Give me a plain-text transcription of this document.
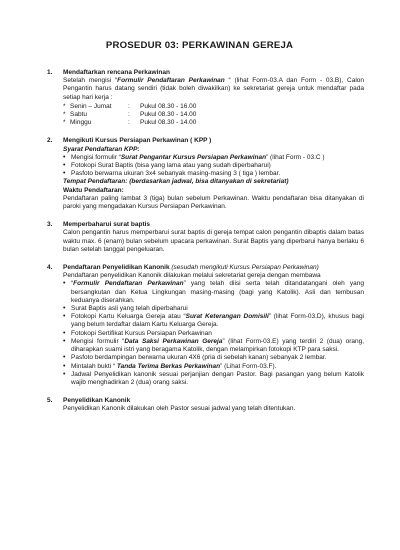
PROSEDUR 03: PERKAWINAN GEREJA
1. Mendaftarkan rencana Perkawinan
Setelah mengisi “Formulir Pendaftaran Perkawinan “ (lihat Form-03.A dan Form - 03.B), Calon Pengantin harus datang sendiri (tidak boleh diwakilkan) ke sekretariat gereja untuk mendaftar pada setiap hari kerja :
* Senin – Jumat	:	Pukul 08.30 - 16.00
* Sabtu	:	Pukul 08.30 - 14.00
* Minggu	:	Pukul 08.30 - 14.00
2. Mengikuti Kursus Persiapan Perkawinan ( KPP )
Syarat Pendaftaran KPP:
• Mengisi formulir “Surat Pengantar Kursus Persiapan Perkawinan” (lihat Form - 03.C )
• Fotokopi Surat Baptis (bisa yang lama atau yang sudah diperbaharui)
• Pasfoto berwarna ukuran 3x4 sebanyak masing-masing 3 ( tiga ) lembar.
Tempat Pendaftaran: (berdasarkan jadwal, bisa ditanyakan di sekretariat)
Waktu Pendaftaran:
Pendaftaran paling lambat 3 (tiga) bulan sebelum Perkawinan. Waktu pendaftaran bisa ditanyakan di paroki yang mengadakan Kursus Persiapan Perkawinan.
3. Memperbaharui surat baptis
Calon pengantin harus memperbarui surat baptis di gereja tempat calon pengantin dibaptis dalam batas waktu max. 6 (enam) bulan sebelum upacara perkawinan. Surat Baptis yang diperbarui hanya berlaku 6 bulan setelah tanggal pengeluaran.
4. Pendaftaran Penyelidikan Kanonik (sesudah mengikuti Kursus Persiapan Perkawinan)
Pendaftaran penyelidikan Kanonik dilakukan melalui sekretariat gereja dengan membawa
• “Formulir Pendaftaran Perkawinan” yang telah diisi serta telah ditandatangani oleh yang bersangkutan dan Ketua Lingkungan masing-masing (bagi yang Katolik). Asli dan tembusan keduanya diserahkan.
• Surat Baptis asli yang telah diperbaharui
• Fotokopi Kartu Keluarga Gereja atau “Surat Keterangan Domisili” (lihat Form-03.D), khusus bagi yang belum terdaftar dalam Kartu Keluarga Gereja.
• Fotokopi Sertifikat Kursus Persiapan Perkawinan
• Mengisi formulir “Data Saksi Perkawinan Gereja” (lihat Form-03.E) yang terdiri 2 (dua) orang, diharapkan suami istri yang beragama Katolik, dengan melampirkan fotokopi KTP para saksi.
• Pasfoto berdampingan berwarna ukuran 4X6 (pria di sebelah kanan) sebanyak 2 lembar.
• Mintalah bukti “ Tanda Terima Berkas Perkawinan” (Lihat Form-03.F).
• Jadwal Penyelidikan kanonik sesuai perjanjian dengan Pastor. Bagi pasangan yang belum Katolik wajib menghadirkan 2 (dua) orang saksi.
5. Penyelidikan Kanonik
Penyelidikan Kanonik dilakukan oleh Pastor sesuai jadwal yang telah ditentukan.
